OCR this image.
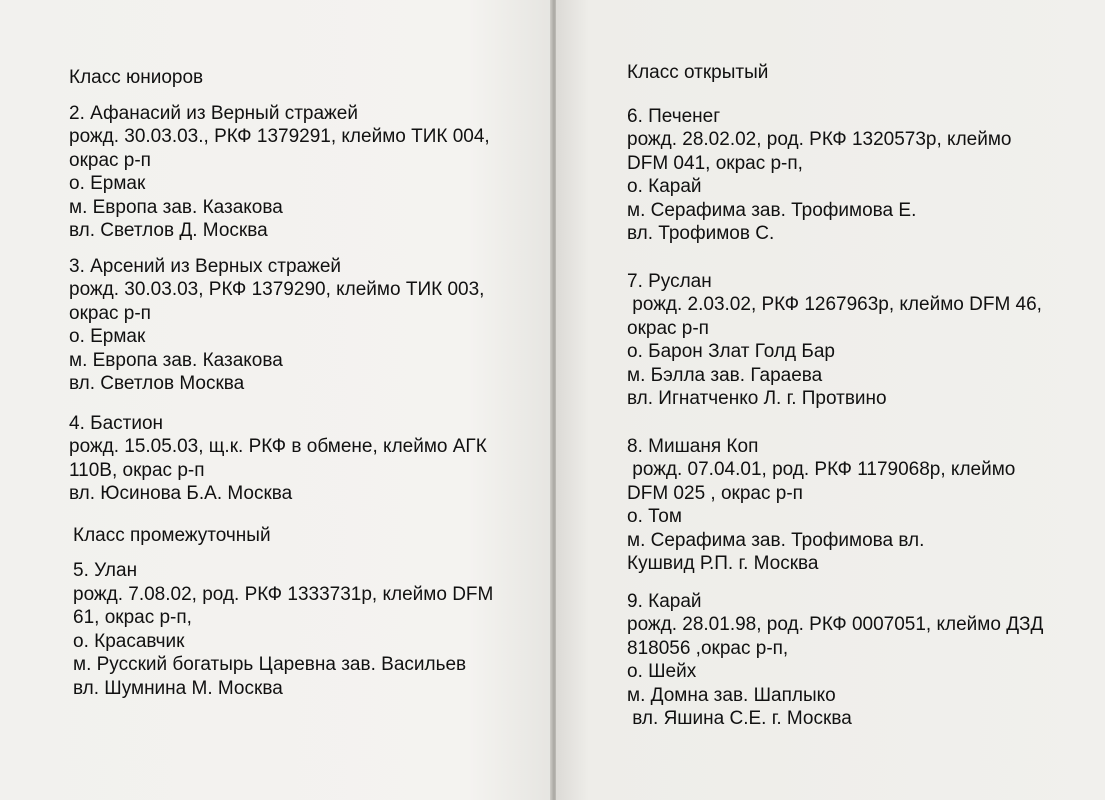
Класс юниоров

2. Афанасий из Верный стражей

рожд. 30.03.03., РКФ 1379291, клеймо ТИК 004,

окрас р-п

о. Ермак

м. Европа зав. Казакова

вл. Светлов Д. Москва

3. Арсений из Верных стражей

рожд. 30.03.03, РКФ 1379290, клеймо ТИК 003,

окрас р-п

о. Ермак

м. Европа зав. Казакова

вл. Светлов Москва

4. Бастион

рожд. 15.05.03, щ.к. РКФ в обмене, клеймо АГК

110В, окрас р-п

вл. Юсинова Б.А. Москва

Класс промежуточный

5. Улан

рожд. 7.08.02, род. РКФ 1333731р, клеймо DFM

61, окрас р-п,

о. Красавчик

м. Русский богатырь Царевна зав. Васильев

вл. Шумнина М. Москва

Класс открытый

6. Печенег

рожд. 28.02.02, род. РКФ 1320573р, клеймо

DFM 041, окрас р-п,

о. Карай

м. Серафима зав. Трофимова Е.

вл. Трофимов С.

7. Руслан

рожд. 2.03.02, РКФ 1267963р, клеймо DFM 46,

окрас р-п

о. Барон Злат Голд Бар

м. Бэлла зав. Гараева

вл. Игнатченко Л. г. Протвино

8. Мишаня Коп

рожд. 07.04.01, род. РКФ 1179068р, клеймо

DFM 025 , окрас р-п

о. Том

м. Серафима зав. Трофимова вл.

Кушвид Р.П. г. Москва

9. Карай

рожд. 28.01.98, род. РКФ 0007051, клеймо ДЗД

818056 ,окрас р-п,

о. Шейх

м. Домна зав. Шаплыко

вл. Яшина С.Е. г. Москва
